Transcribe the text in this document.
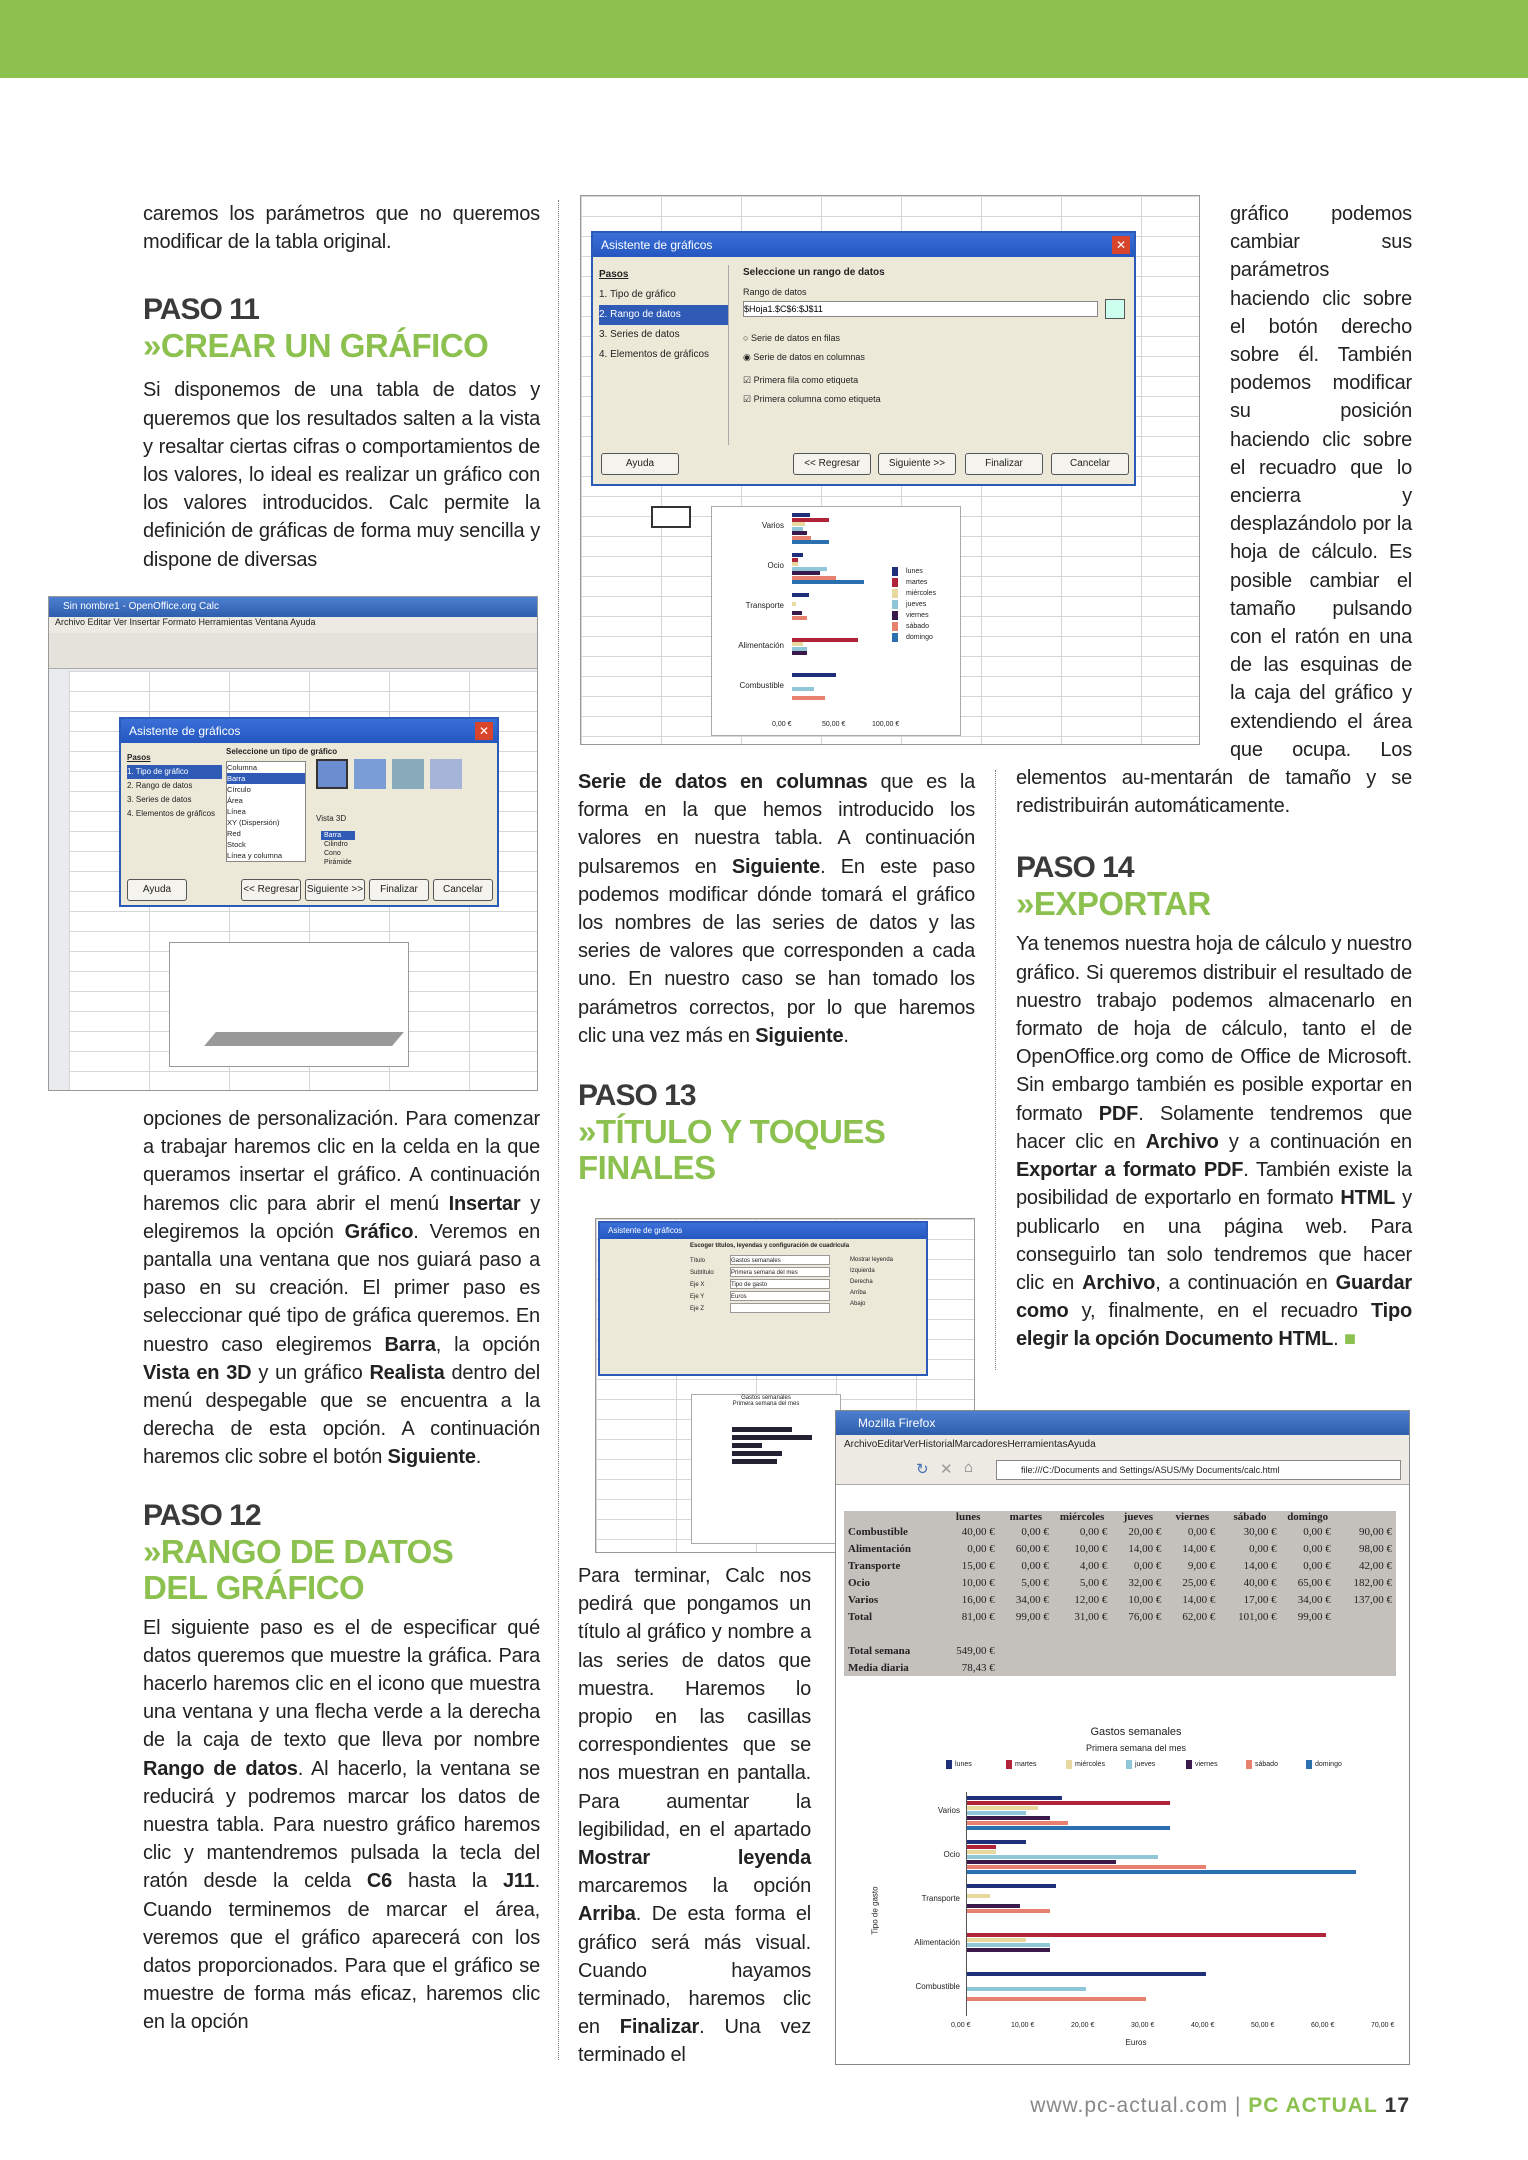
caremos los parámetros que no queremos modificar de la tabla original.

PASO 11
»CREAR UN GRÁFICO

Si disponemos de una tabla de datos y queremos que los resultados salten a la vista y resaltar ciertas cifras o comportamientos de los valores, lo ideal es realizar un gráfico con los valores introducidos. Calc permite la definición de gráficas de forma muy sencilla y dispone de diversas

Sin nombre1 - OpenOffice.org Calc
Archivo Editar Ver Insertar Formato Herramientas Ventana Ayuda
Asistente de gráficos	✕
Pasos
1. Tipo de gráfico
2. Rango de datos
3. Series de datos
4. Elementos de gráficos
Seleccione un tipo de gráfico
Columna
Barra
Círculo
Área
Línea
XY (Dispersión)
Red
Stock
Línea y columna
Vista 3D
Barra
Cilindro
Cono
Pirámide
Ayuda	<< Regresar Siguiente >>	Finalizar	Cancelar

opciones de personalización. Para comenzar a trabajar haremos clic en la celda en la que queramos insertar el gráfico. A continuación haremos clic para abrir el menú Insertar y elegiremos la opción Gráfico. Veremos en pantalla una ventana que nos guiará paso a paso en su creación. El primer paso es seleccionar qué tipo de gráfica queremos. En nuestro caso elegiremos Barra, la opción Vista en 3D y un gráfico Realista dentro del menú despegable que se encuentra a la derecha de esta opción. A continuación haremos clic sobre el botón Siguiente.

PASO 12
»RANGO DE DATOS
DEL GRÁFICO

El siguiente paso es el de especificar qué datos queremos que muestre la gráfica. Para hacerlo haremos clic en el icono que muestra una ventana y una flecha verde a la derecha de la caja de texto que lleva por nombre Rango de datos. Al hacerlo, la ventana se reducirá y podremos marcar los datos de nuestra tabla. Para nuestro gráfico haremos clic y mantendremos pulsada la tecla del ratón desde la celda C6 hasta la J11. Cuando terminemos de marcar el área, veremos que el gráfico aparecerá con los datos proporcionados. Para que el gráfico se muestre de forma más eficaz, haremos clic en la opción

Asistente de gráficos	✕
Pasos
1. Tipo de gráfico
2. Rango de datos
3. Series de datos
4. Elementos de gráficos
Seleccione un rango de datos
Rango de datos
$Hoja1.$C$6:$J$11
○ Serie de datos en filas
◉ Serie de datos en columnas
☑ Primera fila como etiqueta
☑ Primera columna como etiqueta
Ayuda	<< Regresar	Siguiente >>	Finalizar	Cancelar
Varios
Ocio
Transporte
Alimentación
Combustible
lunes
martes
miércoles
jueves
viernes
sábado
domingo
0,00 €	50,00 €	100,00 €

Serie de datos en columnas que es la forma en la que hemos introducido los valores en nuestra tabla. A continuación pulsaremos en Siguiente. En este paso podemos modificar dónde tomará el gráfico los nombres de las series de datos y las series de valores que corresponden a cada uno. En nuestro caso se han tomado los parámetros correctos, por lo que haremos clic una vez más en Siguiente.

PASO 13
»TÍTULO Y TOQUES
FINALES
Asistente de gráficos
Escoger títulos, leyendas y configuración de cuadrícula
Título	Gastos semanales
Subtítulo	Primera semana del mes
Eje X	Tipo de gasto
Eje Y	Euros
Eje Z
Mostrar leyenda
Izquierda
Derecha
Arriba
Abajo
Gastos semanales
Primera semana del mes
Para terminar, Calc nos pedirá que pongamos un título al gráfico y nombre a las series de datos que muestra. Haremos lo propio en las casillas correspondientes que se nos muestran en pantalla. Para aumentar la legibilidad, en el apartado Mostrar leyenda marcaremos la opción Arriba. De esta forma el gráfico será más visual. Cuando hayamos terminado, haremos clic en Finalizar. Una vez terminado el

gráfico podemos cambiar sus parámetros haciendo clic sobre el botón derecho sobre él. También podemos modificar su posición haciendo clic sobre el recuadro que lo encierra y desplazándolo por la hoja de cálculo. Es posible cambiar el tamaño pulsando con el ratón en una de las esquinas de la caja del gráfico y extendiendo el área que ocupa. Los elementos au-mentarán de tamaño y se redistribuirán automáticamente.

PASO 14
»EXPORTAR

Ya tenemos nuestra hoja de cálculo y nuestro gráfico. Si queremos distribuir el resultado de nuestro trabajo podemos almacenarlo en formato de hoja de cálculo, tanto el de OpenOffice.org como de Office de Microsoft. Sin embargo también es posible exportar en formato PDF. Solamente tendremos que hacer clic en Archivo y a continuación en Exportar a formato PDF. También existe la posibilidad de exportarlo en formato HTML y publicarlo en una página web. Para conseguirlo tan solo tendremos que hacer clic en Archivo, a continuación en Guardar como y, finalmente, en el recuadro Tipo elegir la opción Documento HTML. ■

Mozilla Firefox
ArchivoEditarVerHistorialMarcadoresHerramientasAyuda
↻ ✕ ⌂	file:///C:/Documents and Settings/ASUS/My Documents/calc.html
	lunes	martes	miércoles	jueves	viernes	sábado	domingo	
Combustible	40,00 €	0,00 €	0,00 €	20,00 €	0,00 €	30,00 €	0,00 €	90,00 €
Alimentación	0,00 €	60,00 €	10,00 €	14,00 €	14,00 €	0,00 €	0,00 €	98,00 €
Transporte	15,00 €	0,00 €	4,00 €	0,00 €	9,00 €	14,00 €	0,00 €	42,00 €
Ocio	10,00 €	5,00 €	5,00 €	32,00 €	25,00 €	40,00 €	65,00 €	182,00 €
Varios	16,00 €	34,00 €	12,00 €	10,00 €	14,00 €	17,00 €	34,00 €	137,00 €
Total	81,00 €	99,00 €	31,00 €	76,00 €	62,00 €	101,00 €	99,00 €	

Total semana	549,00 €							
Media diaria	78,43 €							
Gastos semanales
Primera semana del mes
lunes	martes	miércoles	jueves	viernes	sábado	domingo
Tipo de gasto
Varios
Ocio
Transporte
Alimentación
Combustible
0,00 €	10,00 €	20,00 €	30,00 €	40,00 €	50,00 €	60,00 €	70,00 €
Euros
www.pc-actual.com | PC ACTUAL 17
